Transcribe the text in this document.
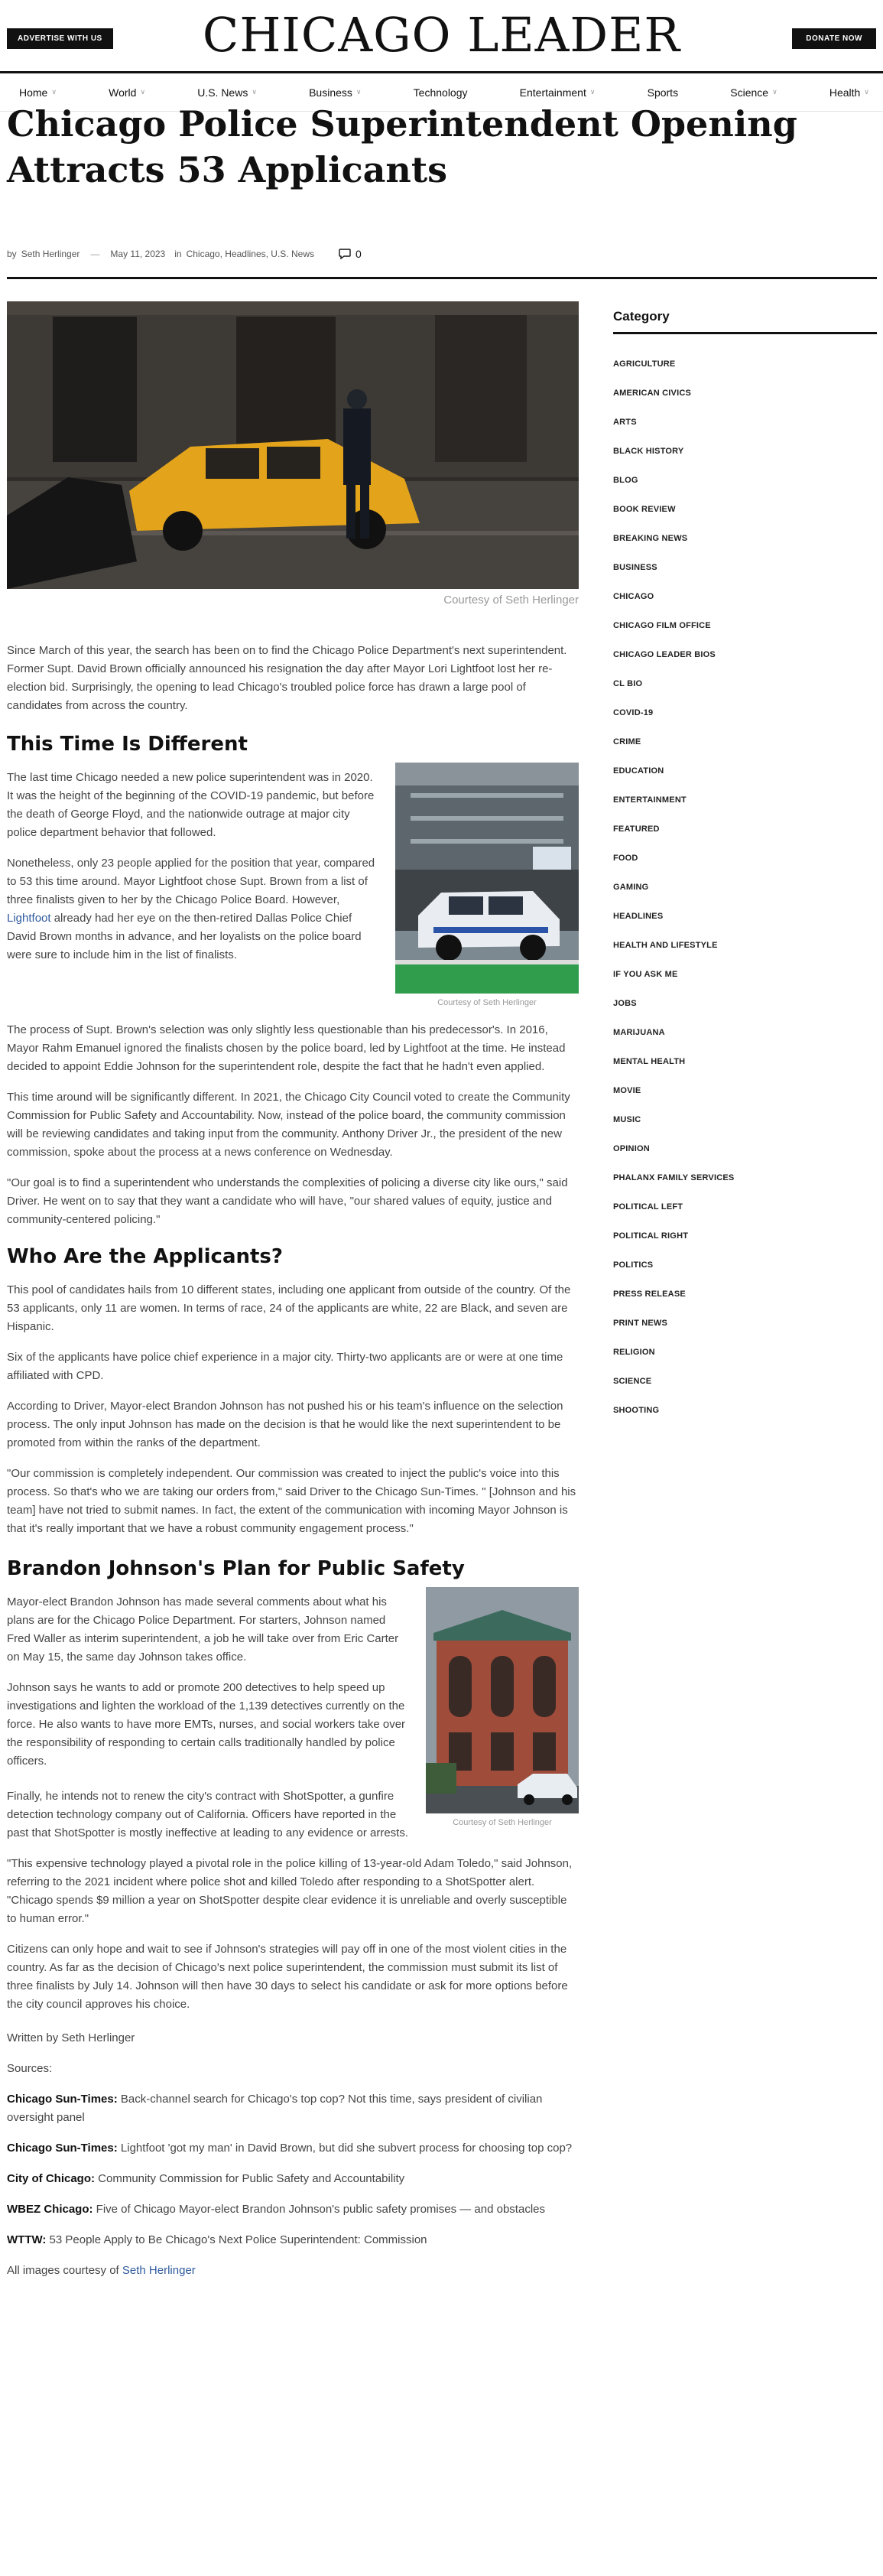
ADVERTISE WITH US	CHICAGO LEADER	DONATE NOW
Home ∨	World ∨	U.S. News ∨	Business ∨	Technology	Entertainment ∨	Sports	Science ∨	Health ∨
Chicago Police Superintendent Opening Attracts 53 Applicants
by Seth Herlinger — May 11, 2023 in Chicago, Headlines, U.S. News	0
Courtesy of Seth Herlinger

Since March of this year, the search has been on to find the Chicago Police Department's next superintendent. Former Supt. David Brown officially announced his resignation the day after Mayor Lori Lightfoot lost her re-election bid. Surprisingly, the opening to lead Chicago's troubled police force has drawn a large pool of candidates from across the country.

This Time Is Different
Courtesy of Seth Herlinger

The last time Chicago needed a new police superintendent was in 2020. It was the height of the beginning of the COVID-19 pandemic, but before the death of George Floyd, and the nationwide outrage at major city police department behavior that followed.

Nonetheless, only 23 people applied for the position that year, compared to 53 this time around. Mayor Lightfoot chose Supt. Brown from a list of three finalists given to her by the Chicago Police Board. However, Lightfoot already had her eye on the then-retired Dallas Police Chief David Brown months in advance, and her loyalists on the police board were sure to include him in the list of finalists.

The process of Supt. Brown's selection was only slightly less questionable than his predecessor's. In 2016, Mayor Rahm Emanuel ignored the finalists chosen by the police board, led by Lightfoot at the time. He instead decided to appoint Eddie Johnson for the superintendent role, despite the fact that he hadn't even applied.

This time around will be significantly different. In 2021, the Chicago City Council voted to create the Community Commission for Public Safety and Accountability. Now, instead of the police board, the community commission will be reviewing candidates and taking input from the community. Anthony Driver Jr., the president of the new commission, spoke about the process at a news conference on Wednesday.

"Our goal is to find a superintendent who understands the complexities of policing a diverse city like ours," said Driver. He went on to say that they want a candidate who will have, "our shared values of equity, justice and community-centered policing."

Who Are the Applicants?

This pool of candidates hails from 10 different states, including one applicant from outside of the country. Of the 53 applicants, only 11 are women. In terms of race, 24 of the applicants are white, 22 are Black, and seven are Hispanic.

Six of the applicants have police chief experience in a major city. Thirty-two applicants are or were at one time affiliated with CPD.

According to Driver, Mayor-elect Brandon Johnson has not pushed his or his team's influence on the selection process. The only input Johnson has made on the decision is that he would like the next superintendent to be promoted from within the ranks of the department.

"Our commission is completely independent. Our commission was created to inject the public's voice into this process. So that's who we are taking our orders from," said Driver to the Chicago Sun-Times. " [Johnson and his team] have not tried to submit names. In fact, the extent of the communication with incoming Mayor Johnson is that it's really important that we have a robust community engagement process."

Brandon Johnson's Plan for Public Safety
Courtesy of Seth Herlinger

Mayor-elect Brandon Johnson has made several comments about what his plans are for the Chicago Police Department. For starters, Johnson named Fred Waller as interim superintendent, a job he will take over from Eric Carter on May 15, the same day Johnson takes office.

Johnson says he wants to add or promote 200 detectives to help speed up investigations and lighten the workload of the 1,139 detectives currently on the force. He also wants to have more EMTs, nurses, and social workers take over the responsibility of responding to certain calls traditionally handled by police officers.

Finally, he intends not to renew the city's contract with ShotSpotter, a gunfire detection technology company out of California. Officers have reported in the past that ShotSpotter is mostly ineffective at leading to any evidence or arrests.

"This expensive technology played a pivotal role in the police killing of 13-year-old Adam Toledo," said Johnson, referring to the 2021 incident where police shot and killed Toledo after responding to a ShotSpotter alert. "Chicago spends $9 million a year on ShotSpotter despite clear evidence it is unreliable and overly susceptible to human error."

Citizens can only hope and wait to see if Johnson's strategies will pay off in one of the most violent cities in the country. As far as the decision of Chicago's next police superintendent, the commission must submit its list of three finalists by July 14. Johnson will then have 30 days to select his candidate or ask for more options before the city council approves his choice.

Written by Seth Herlinger

Sources:

Chicago Sun-Times: Back-channel search for Chicago's top cop? Not this time, says president of civilian oversight panel

Chicago Sun-Times: Lightfoot 'got my man' in David Brown, but did she subvert process for choosing top cop?

City of Chicago: Community Commission for Public Safety and Accountability

WBEZ Chicago: Five of Chicago Mayor-elect Brandon Johnson's public safety promises — and obstacles

WTTW: 53 People Apply to Be Chicago's Next Police Superintendent: Commission

All images courtesy of Seth Herlinger

Category
AGRICULTURE
AMERICAN CIVICS
ARTS
BLACK HISTORY
BLOG
BOOK REVIEW
BREAKING NEWS
BUSINESS
CHICAGO
CHICAGO FILM OFFICE
CHICAGO LEADER BIOS
CL BIO
COVID-19
CRIME
EDUCATION
ENTERTAINMENT
FEATURED
FOOD
GAMING
HEADLINES
HEALTH AND LIFESTYLE
IF YOU ASK ME
JOBS
MARIJUANA
MENTAL HEALTH
MOVIE
MUSIC
OPINION
PHALANX FAMILY SERVICES
POLITICAL LEFT
POLITICAL RIGHT
POLITICS
PRESS RELEASE
PRINT NEWS
RELIGION
SCIENCE
SHOOTING
